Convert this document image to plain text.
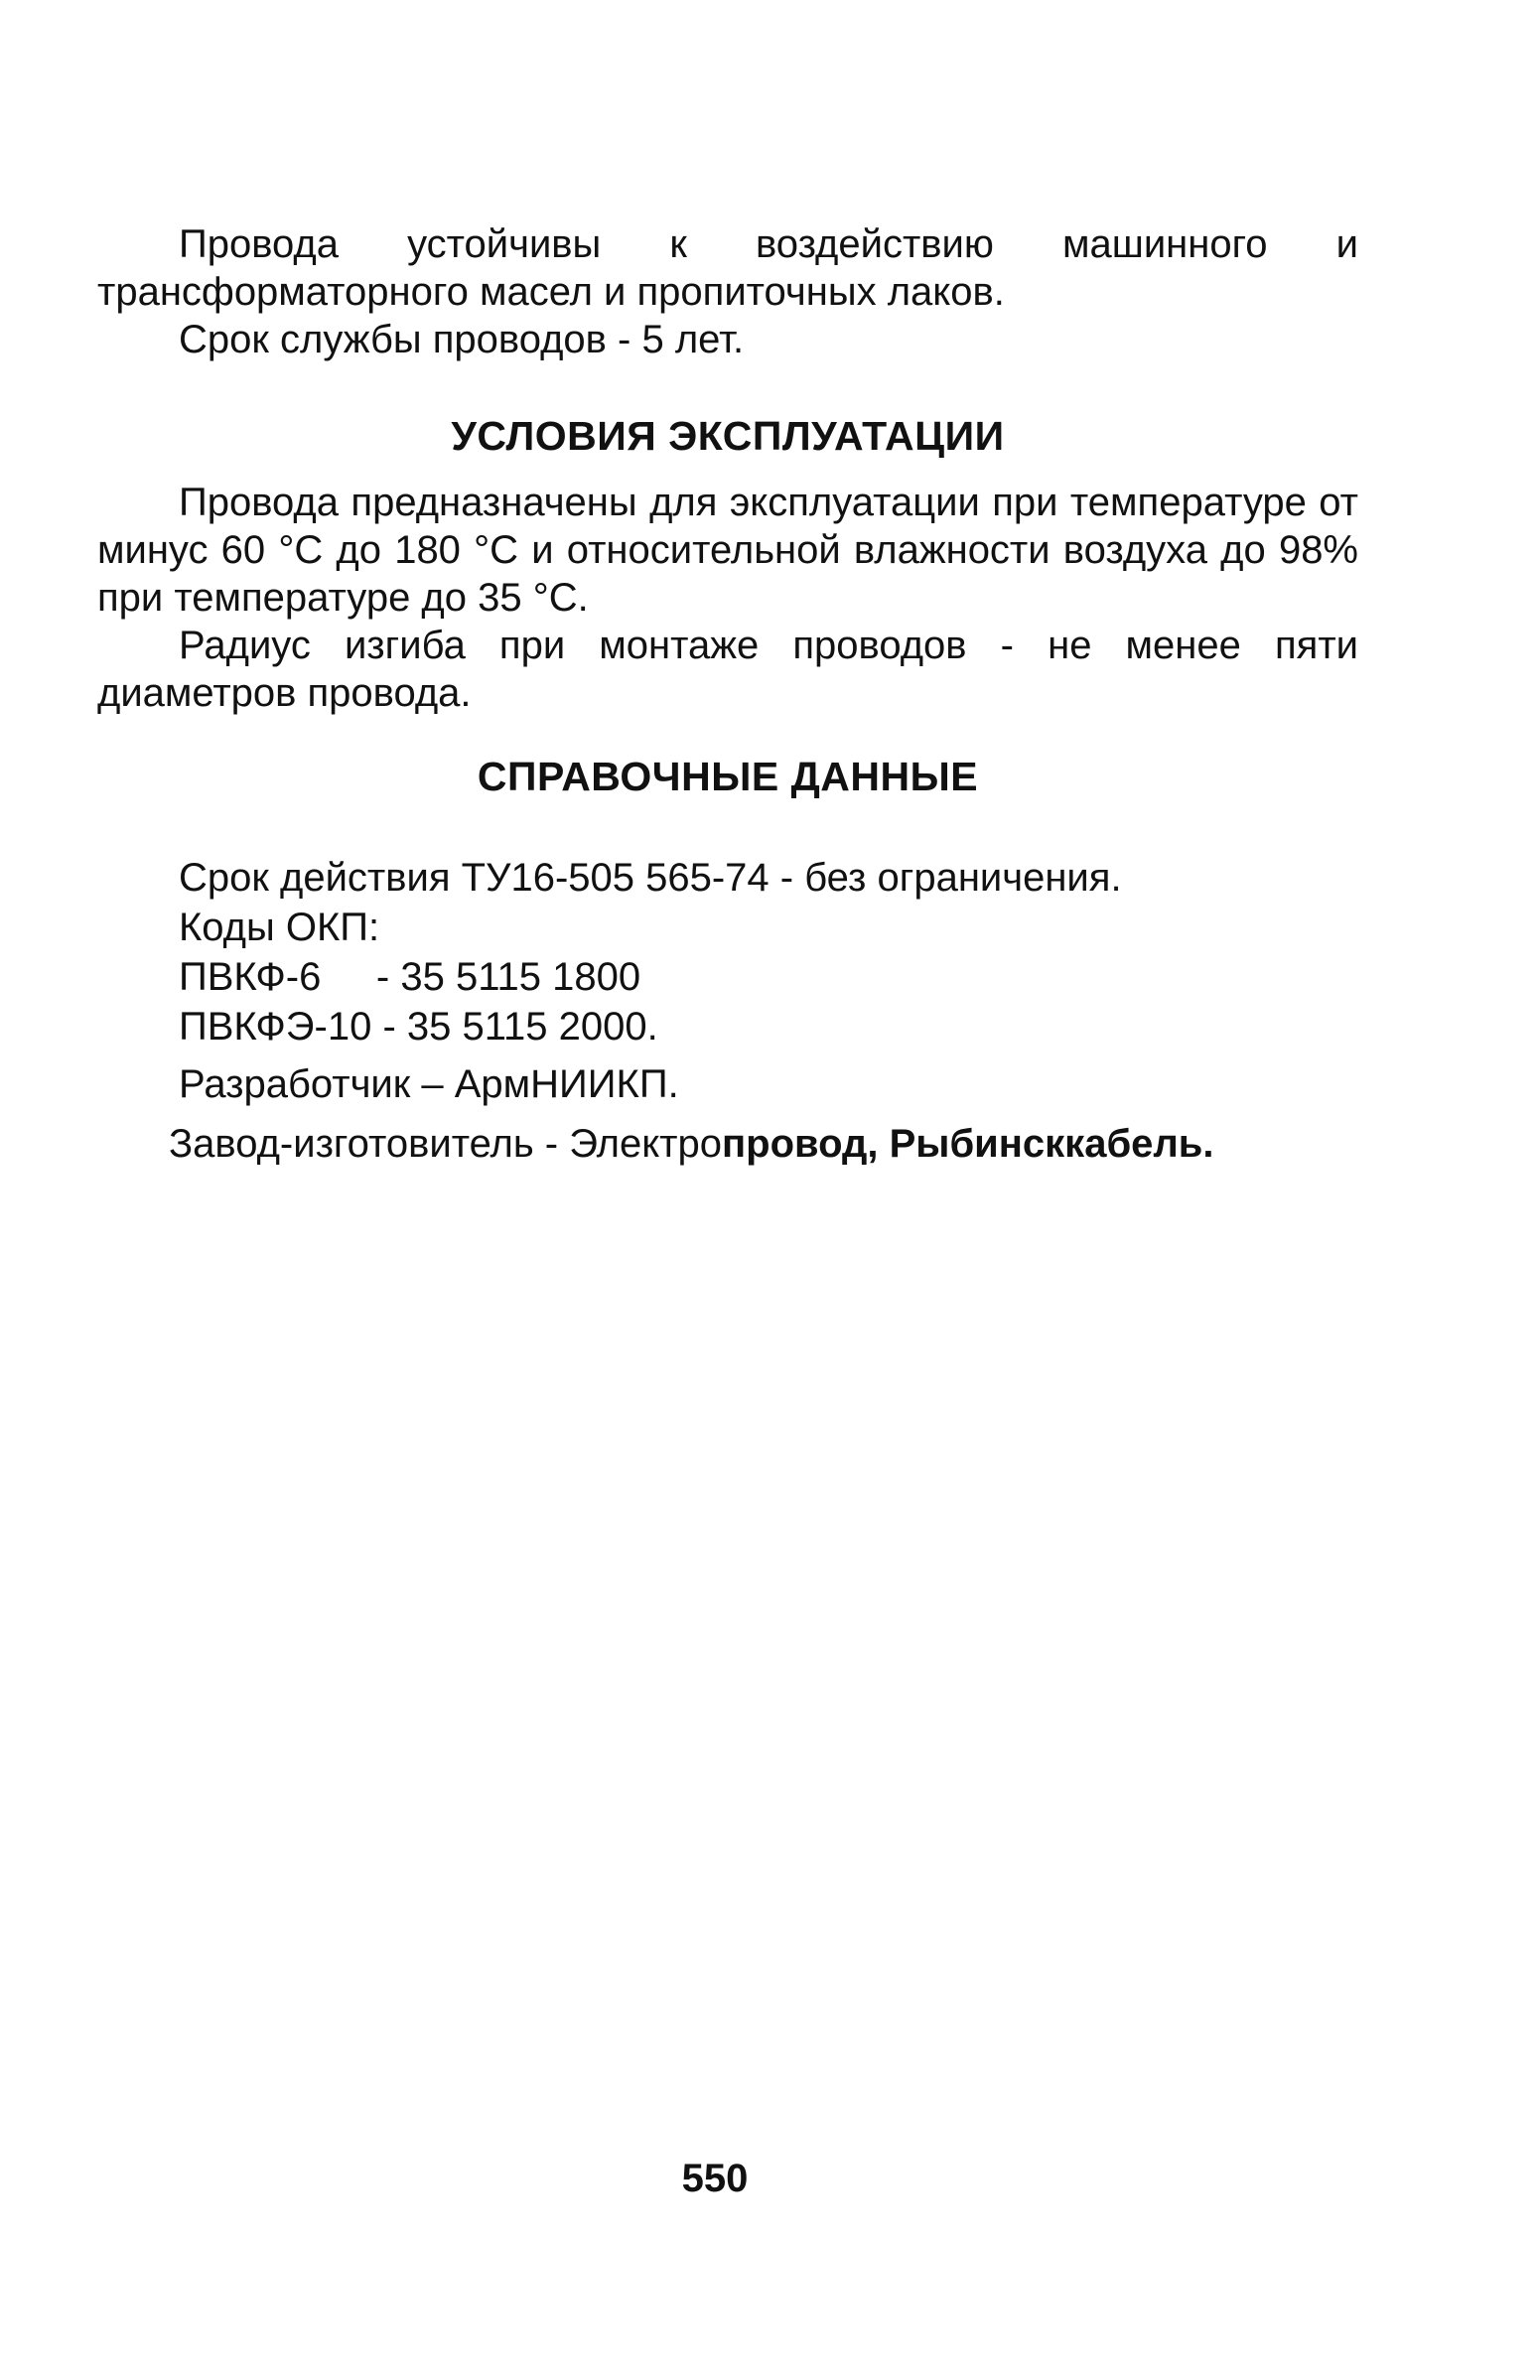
Провода устойчивы к воздействию машинного и трансформаторного масел и пропиточных лаков.

Срок службы проводов - 5 лет.

УСЛОВИЯ ЭКСПЛУАТАЦИИ

Провода предназначены для эксплуатации при температуре от минус 60 °С до 180 °С и относительной влажности воздуха до 98% при температуре до 35 °С.

Радиус изгиба при монтаже проводов - не менее пяти диаметров провода.

СПРАВОЧНЫЕ ДАННЫЕ
Срок действия ТУ16-505 565-74 - без ограничения.
Коды ОКП:
ПВКФ-6     - 35 5115 1800
ПВКФЭ-10 - 35 5115 2000.
Разработчик – АрмНИИКП.
Завод-изготовитель - Электропровод, Рыбинсккабель.
550
